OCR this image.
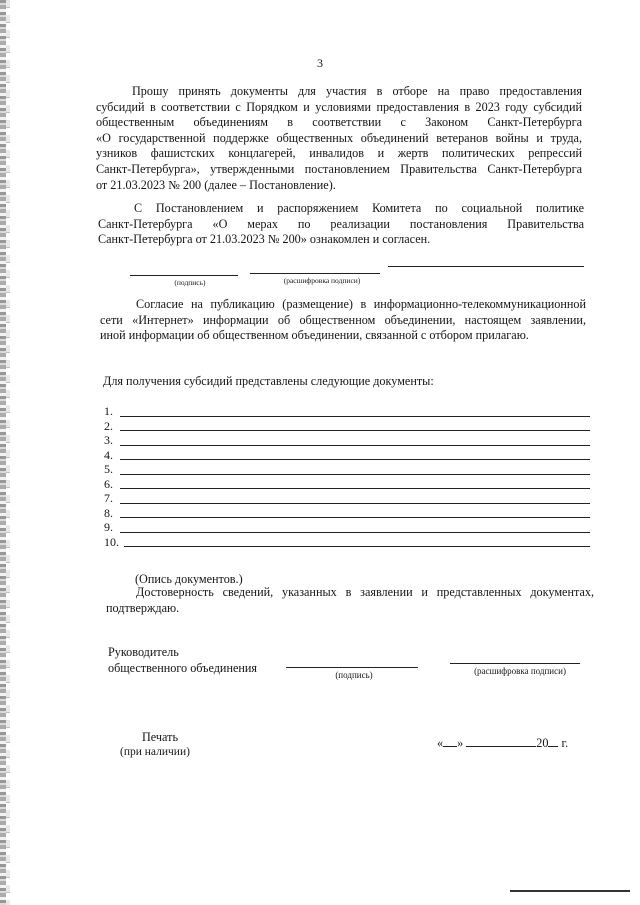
3
Прошу принять документы для участия в отборе на право предоставления
субсидий в соответствии с Порядком и условиями предоставления в 2023 году субсидий
общественным объединениям в соответствии с Законом Санкт-Петербурга
«О государственной поддержке общественных объединений ветеранов войны и труда,
узников фашистских концлагерей, инвалидов и жертв политических репрессий
Санкт-Петербурга», утвержденными постановлением Правительства Санкт-Петербурга
от 21.03.2023 № 200 (далее – Постановление).
С Постановлением и распоряжением Комитета по социальной политике
Санкт-Петербурга «О мерах по реализации постановления Правительства
Санкт-Петербурга от 21.03.2023 № 200» ознакомлен и согласен.
(подпись)	(расшифровка подписи)
Согласие на публикацию (размещение) в информационно-телекоммуникационной
сети «Интернет» информации об общественном объединении, настоящем заявлении,
иной информации об общественном объединении, связанной с отбором прилагаю.
Для получения субсидий представлены следующие документы:
1.
2.
3.
4.
5.
6.
7.
8.
9.
10.
(Опись документов.)
Достоверность сведений, указанных в заявлении и представленных документах,
подтверждаю.
Руководитель
общественного объединения
(подпись)	(расшифровка подписи)
Печать
(при наличии)
« »	20 г.
